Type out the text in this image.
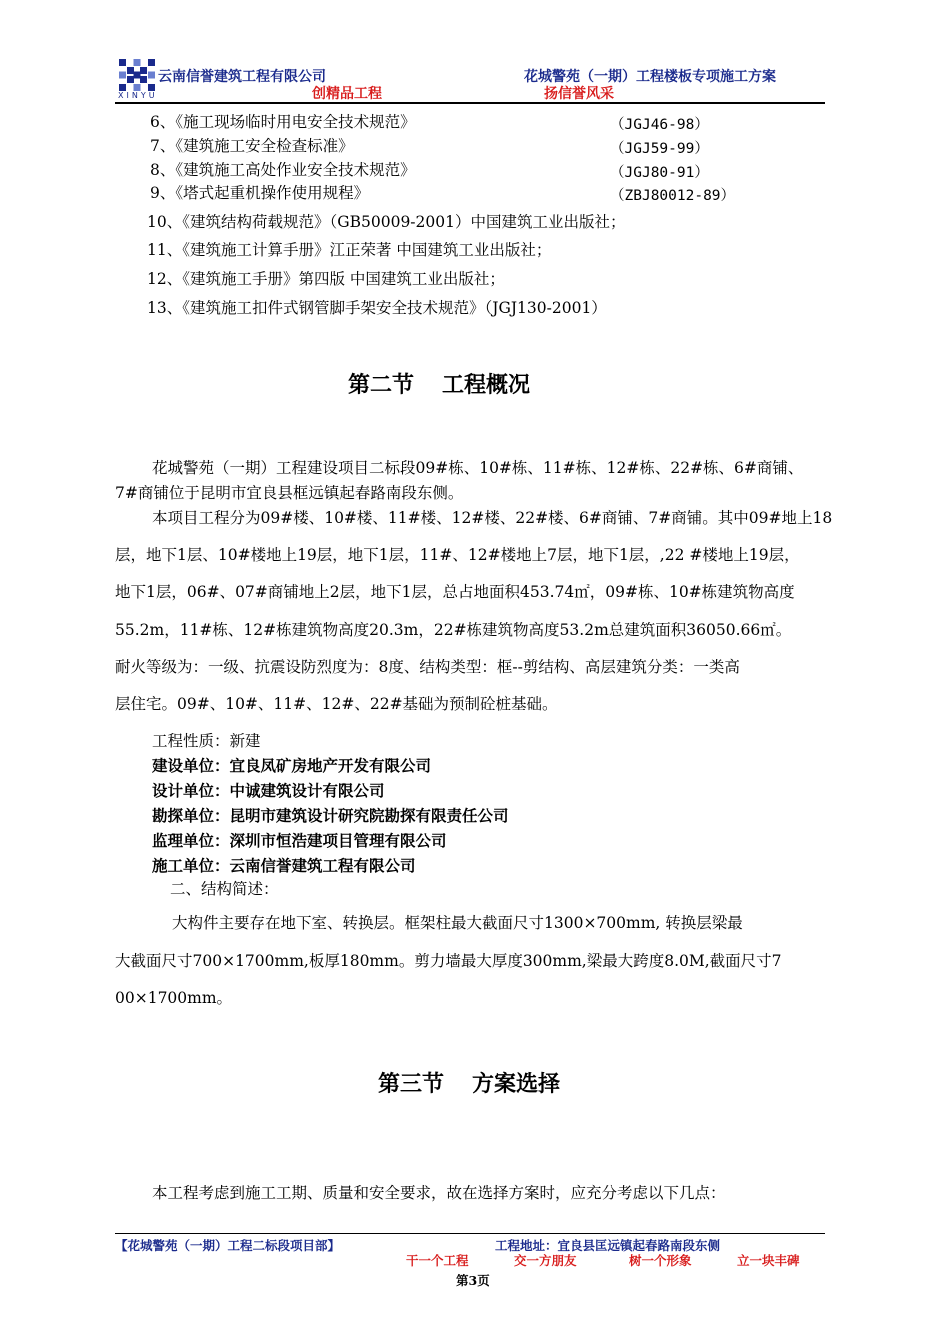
XINYU
云南信誉建筑工程有限公司	花城警苑（一期）工程楼板专项施工方案
创精品工程	扬信誉风采
6、《施工现场临时用电安全技术规范》	（JGJ46-98）
7、《建筑施工安全检查标准》	（JGJ59-99）
8、《建筑施工高处作业安全技术规范》	（JGJ80-91）
9、《塔式起重机操作使用规程》	（ZBJ80012-89）
10、《建筑结构荷载规范》（GB50009-2001）中国建筑工业出版社；
11、《建筑施工计算手册》江正荣著 中国建筑工业出版社；
12、《建筑施工手册》第四版 中国建筑工业出版社；
13、《建筑施工扣件式钢管脚手架安全技术规范》（JGJ130-2001）
第二节 工程概况
花城警苑（一期）工程建设项目二标段09#栋、10#栋、11#栋、12#栋、22#栋、6#商铺、
7#商铺位于昆明市宜良县框远镇起春路南段东侧。
本项目工程分为09#楼、10#楼、11#楼、12#楼、22#楼、6#商铺、7#商铺。其中09#地上18
层，地下1层、10#楼地上19层，地下1层，11#、12#楼地上7层，地下1层，,22 #楼地上19层，
地下1层，06#、07#商铺地上2层，地下1层，总占地面积453.74㎡，09#栋、10#栋建筑物高度
55.2m，11#栋、12#栋建筑物高度20.3m，22#栋建筑物高度53.2m总建筑面积36050.66㎡。
耐火等级为：一级、抗震设防烈度为：8度、结构类型：框--剪结构、高层建筑分类：一类高
层住宅。09#、10#、11#、12#、22#基础为预制砼桩基础。
工程性质：新建
建设单位：宜良凤矿房地产开发有限公司
设计单位：中诚建筑设计有限公司
勘探单位：昆明市建筑设计研究院勘探有限责任公司
监理单位：深圳市恒浩建项目管理有限公司
施工单位：云南信誉建筑工程有限公司
二、结构简述：
大构件主要存在地下室、转换层。框架柱最大截面尺寸1300×700mm, 转换层梁最
大截面尺寸700×1700mm,板厚180mm。剪力墙最大厚度300mm,梁最大跨度8.0M,截面尺寸7
00×1700mm。
第三节 方案选择
本工程考虑到施工工期、质量和安全要求，故在选择方案时，应充分考虑以下几点：
【花城警苑（一期）工程二标段项目部】	工程地址：宜良县匡远镇起春路南段东侧
干一个工程	交一方朋友	树一个形象	立一块丰碑
第3页
